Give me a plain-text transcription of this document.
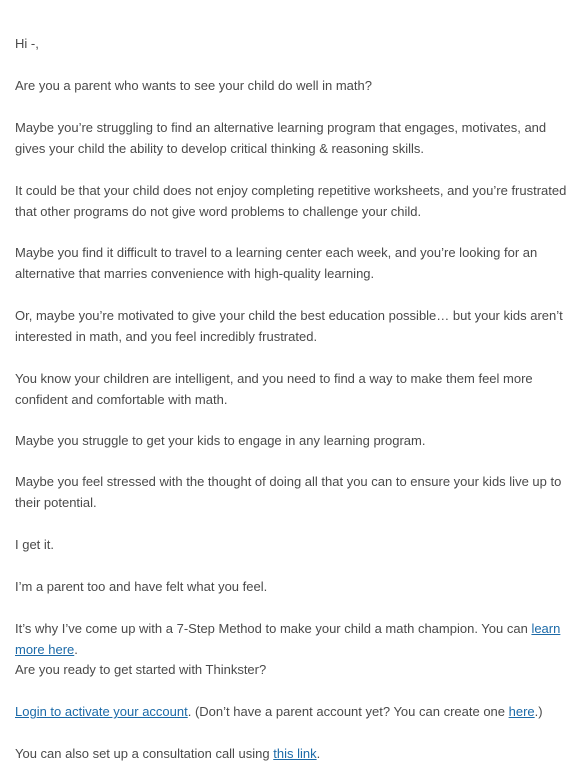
Hi -,

Are you a parent who wants to see your child do well in math?

Maybe you’re struggling to find an alternative learning program that engages, motivates, and gives your child the ability to develop critical thinking & reasoning skills.

It could be that your child does not enjoy completing repetitive worksheets, and you’re frustrated that other programs do not give word problems to challenge your child.

Maybe you find it difficult to travel to a learning center each week, and you’re looking for an alternative that marries convenience with high-quality learning.

Or, maybe you’re motivated to give your child the best education possible… but your kids aren’t interested in math, and you feel incredibly frustrated.

You know your children are intelligent, and you need to find a way to make them feel more confident and comfortable with math.

Maybe you struggle to get your kids to engage in any learning program.

Maybe you feel stressed with the thought of doing all that you can to ensure your kids live up to their potential.

I get it.

I’m a parent too and have felt what you feel.

It’s why I’ve come up with a 7-Step Method to make your child a math champion. You can learn more here.

Are you ready to get started with Thinkster?

Login to activate your account. (Don’t have a parent account yet? You can create one here.)

You can also set up a consultation call using this link.
